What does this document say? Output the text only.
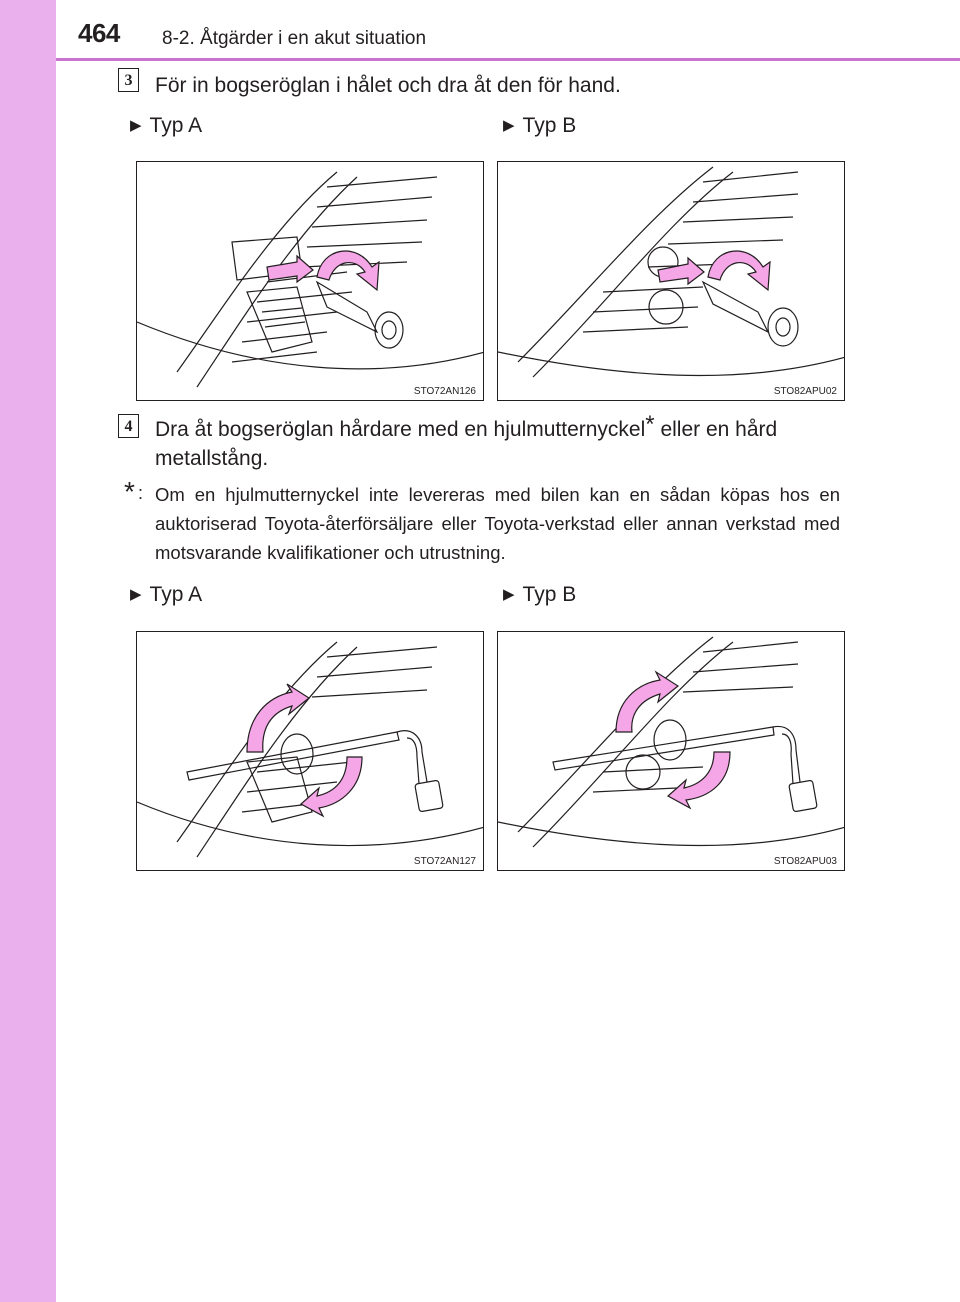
464 8-2. Åtgärder i en akut situation
3	För in bogseröglan i hålet och dra åt den för hand.
▶ Typ A	▶ Typ B
STO72AN126	STO82APU02
4	Dra åt bogseröglan hårdare med en hjulmutternyckel* eller en hård
metallstång.
* : Om en hjulmutternyckel inte levereras med bilen kan en sådan köpas hos en auktoriserad Toyota-återförsäljare eller Toyota-verkstad eller annan verkstad med motsvarande kvalifikationer och utrustning.
▶ Typ A	▶ Typ B
STO72AN127	STO82APU03
